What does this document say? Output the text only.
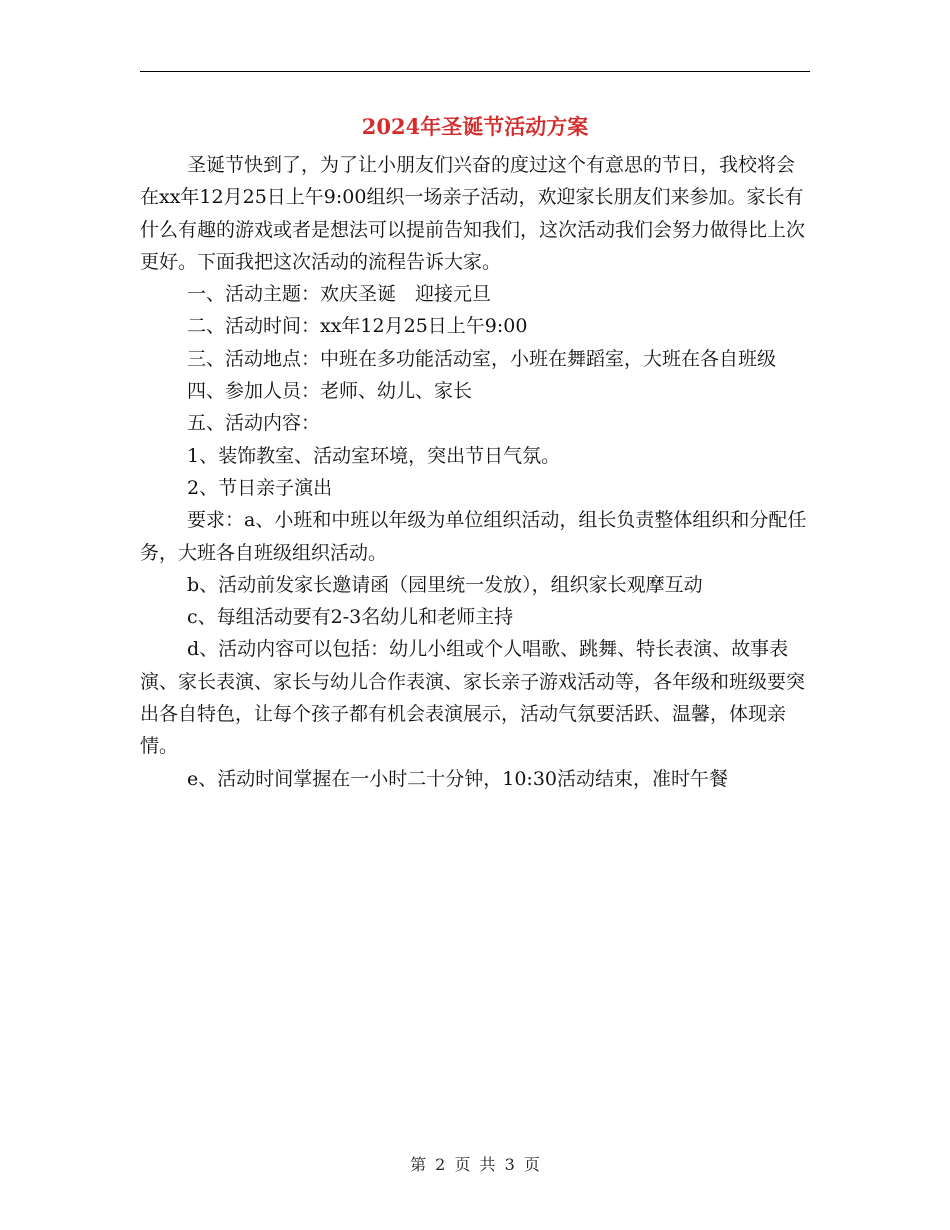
2024年圣诞节活动方案

圣诞节快到了，为了让小朋友们兴奋的度过这个有意思的节日，我校将会在xx年12月25日上午9:00组织一场亲子活动，欢迎家长朋友们来参加。家长有什么有趣的游戏或者是想法可以提前告知我们，这次活动我们会努力做得比上次更好。下面我把这次活动的流程告诉大家。

一、活动主题：欢庆圣诞　迎接元旦

二、活动时间：xx年12月25日上午9:00

三、活动地点：中班在多功能活动室，小班在舞蹈室，大班在各自班级

四、参加人员：老师、幼儿、家长

五、活动内容：

1、装饰教室、活动室环境，突出节日气氛。

2、节日亲子演出

要求：a、小班和中班以年级为单位组织活动，组长负责整体组织和分配任务，大班各自班级组织活动。

b、活动前发家长邀请函（园里统一发放），组织家长观摩互动

c、每组活动要有2-3名幼儿和老师主持

d、活动内容可以包括：幼儿小组或个人唱歌、跳舞、特长表演、故事表演、家长表演、家长与幼儿合作表演、家长亲子游戏活动等，各年级和班级要突出各自特色，让每个孩子都有机会表演展示，活动气氛要活跃、温馨，体现亲情。

e、活动时间掌握在一小时二十分钟，10:30活动结束，准时午餐

第 2 页 共 3 页
